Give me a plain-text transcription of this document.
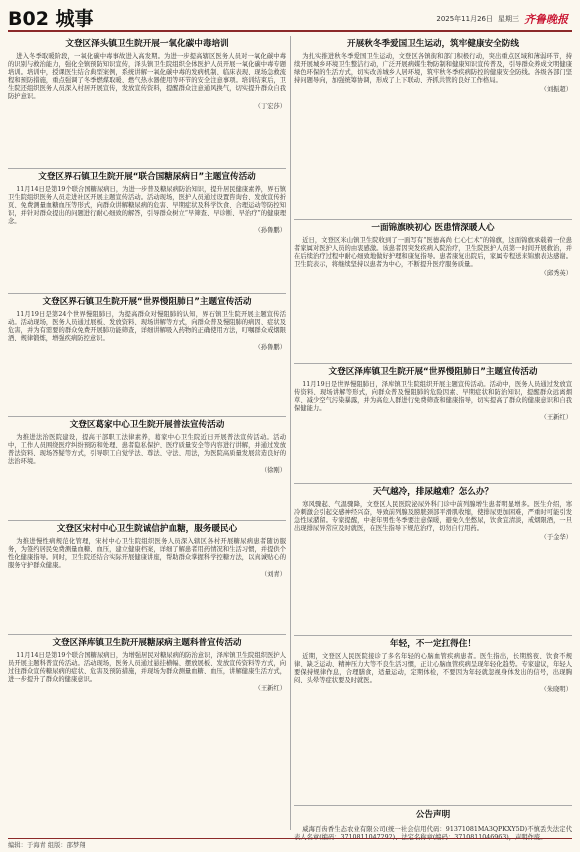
B02 城事	2025年11月26日 星期三 齐鲁晚报
文登区泽头镇卫生院开展一氧化碳中毒培训
进入冬季取暖阶段，一氧化碳中毒事故进入高发期。为进一步提高辖区医务人员对一氧化碳中毒的识别与救治能力，强化全镇预防知识宣传，泽头镇卫生院组织全体医护人员开展一氧化碳中毒专题培训。培训中，授课医生结合典型案例，系统讲解一氧化碳中毒的发病机制、临床表现、现场急救流程和预防措施，重点强调了冬季燃煤取暖、燃气热水器使用等环节的安全注意事项。培训结束后，卫生院还组织医务人员深入村居开展宣传，发放宣传资料，提醒群众注意通风换气，切实提升群众自我防护意识。
（丁宏莎）
文登区界石镇卫生院开展“联合国糖尿病日”主题宣传活动
11月14日是第19个联合国糖尿病日，为进一步普及糖尿病防治知识，提升居民健康素养，界石镇卫生院组织医务人员走进社区开展主题宣传活动。活动现场，医护人员通过设置咨询台、发放宣传折页、免费测量血糖血压等形式，向群众讲解糖尿病的危害、早期症状及科学饮食、合理运动等防控知识，并针对群众提出的问题进行耐心细致的解答，引导群众树立“早筛查、早诊断、早治疗”的健康理念。
（孙鲁鹏）
文登区界石镇卫生院开展“世界慢阻肺日”主题宣传活动
11月19日是第24个世界慢阻肺日，为提高群众对慢阻肺的认知，界石镇卫生院开展主题宣传活动。活动现场，医务人员通过展板、发放资料、现场讲解等方式，向群众普及慢阻肺的病因、症状及危害，并为有需要的群众免费开展肺功能筛查，详细讲解吸入药物的正确使用方法，叮嘱群众戒烟限酒、规律锻炼，增强疾病防控意识。
（孙鲁鹏）
文登区葛家中心卫生院开展普法宣传活动
为推进法治医院建设，提高干部职工法律素养，葛家中心卫生院近日开展普法宣传活动。活动中，工作人员围绕医疗纠纷预防和处理、患者隐私保护、医疗质量安全等内容进行讲解，并通过发放普法资料、现场答疑等方式，引导职工自觉学法、尊法、守法、用法，为医院高质量发展营造良好的法治环境。
（徐刚）
文登区宋村中心卫生院诚信护血糖，服务暖民心
为推进慢性病规范化管理，宋村中心卫生院组织医务人员深入辖区各村开展糖尿病患者随访服务，为签约居民免费测量血糖、血压，建立健康档案，详细了解患者用药情况和生活习惯，并提供个性化健康指导。同时，卫生院还结合实际开展健康讲座，帮助群众掌握科学控糖方法，以真诚贴心的服务守护群众健康。
（刘青）
文登区泽库镇卫生院开展糖尿病主题科普宣传活动
11月14日是第19个联合国糖尿病日，为增强居民对糖尿病的防治意识，泽库镇卫生院组织医护人员开展主题科普宣传活动。活动现场，医务人员通过悬挂横幅、摆放展板、发放宣传资料等方式，向过往群众宣传糖尿病的症状、危害及预防措施，并现场为群众测量血糖、血压，讲解健康生活方式，进一步提升了群众的健康意识。
（王新红）
开展秋冬季爱国卫生运动，筑牢健康安全防线
为扎实推进秋冬季爱国卫生运动，文登区各镇街和部门积极行动，突出重点区域和薄弱环节，持续开展城乡环境卫生整洁行动，广泛开展病媒生物防制和健康知识宣传普及，引导群众养成文明健康绿色环保的生活方式，切实改善城乡人居环境，筑牢秋冬季疾病防控的健康安全防线。各级各部门坚持问题导向，加强统筹协调，形成了上下联动、齐抓共管的良好工作格局。
（刘振超）
一面锦旗映初心 医患情深暖人心
近日，文登区米山镇卫生院收到了一面写有“医德高尚 仁心仁术”的锦旗，这面锦旗承载着一位患者家属对医护人员的由衷感激。该患者因突发疾病入院治疗，卫生院医护人员第一时间开展救治，并在后续治疗过程中耐心细致地做好护理和康复指导。患者康复出院后，家属专程送来锦旗表达感谢。卫生院表示，将继续坚持以患者为中心，不断提升医疗服务质量。
（邱秀英）
文登区泽库镇卫生院开展“世界慢阻肺日”主题宣传活动
11月19日是世界慢阻肺日，泽库镇卫生院组织开展主题宣传活动。活动中，医务人员通过发放宣传资料、现场讲解等形式，向群众普及慢阻肺的危险因素、早期症状和防治知识，提醒群众远离烟草、减少空气污染暴露，并为高危人群进行免费筛查和健康指导，切实提高了群众的健康意识和自我保健能力。
（王新红）
天气越冷，排尿越难？怎么办？
寒风骤起、气温骤降，文登区人民医院泌尿外科门诊中前列腺增生患者明显增多。医生介绍，寒冷刺激会引起交感神经兴奋，导致前列腺及膀胱颈部平滑肌收缩，使排尿更加困难，严重时可能引发急性尿潴留。专家提醒，中老年男性冬季要注意保暖，避免久坐憋尿，饮食宜清淡，戒烟限酒，一旦出现排尿异常应及时就医，在医生指导下规范治疗，切勿自行用药。
（于金华）
年轻，不一定扛得住！
近期，文登区人民医院接诊了多名年轻的心脑血管疾病患者。医生指出，长期熬夜、饮食不规律、缺乏运动、精神压力大等不良生活习惯，正让心脑血管疾病呈现年轻化趋势。专家建议，年轻人要保持规律作息，合理膳食，适量运动，定期体检，不要因为年轻就忽视身体发出的信号，出现胸闷、头晕等症状要及时就医。
（朱晓明）
公告声明
威海百齿香生态农业有限公司(统一社会信用代码：91371081MA3QPKXY5D)不慎丢失法定代
编辑：于海青 组版：邵梦翔
